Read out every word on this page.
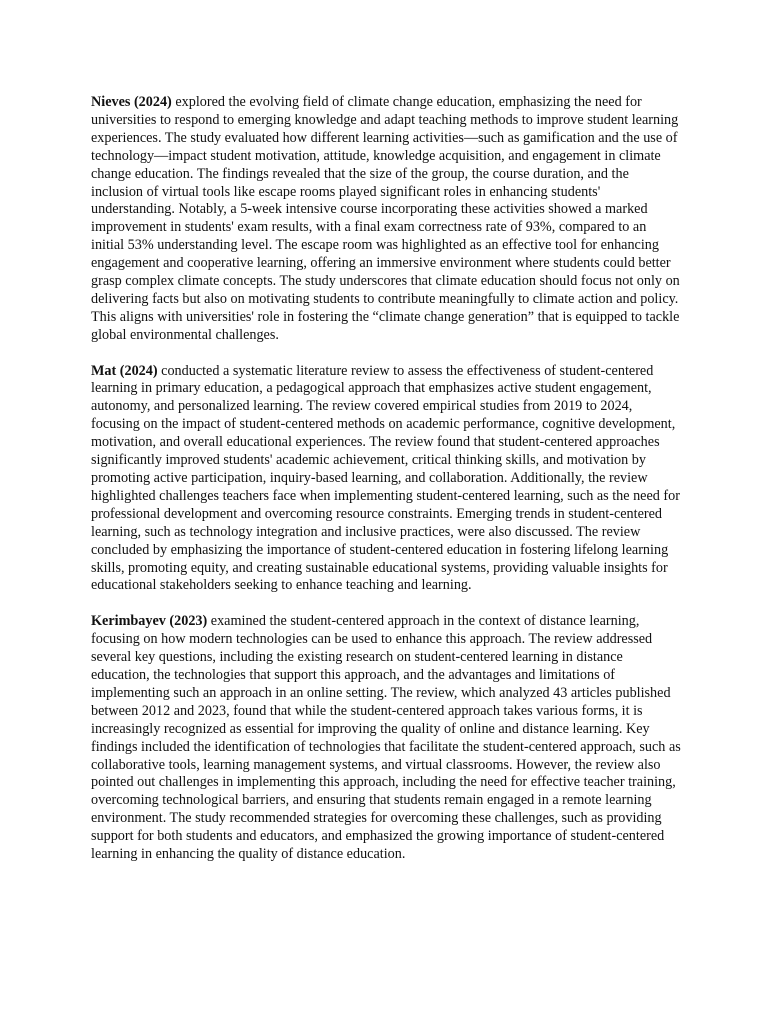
Nieves (2024) explored the evolving field of climate change education, emphasizing the need for universities to respond to emerging knowledge and adapt teaching methods to improve student learning experiences. The study evaluated how different learning activities—such as gamification and the use of technology—impact student motivation, attitude, knowledge acquisition, and engagement in climate change education. The findings revealed that the size of the group, the course duration, and the inclusion of virtual tools like escape rooms played significant roles in enhancing students' understanding. Notably, a 5-week intensive course incorporating these activities showed a marked improvement in students' exam results, with a final exam correctness rate of 93%, compared to an initial 53% understanding level. The escape room was highlighted as an effective tool for enhancing engagement and cooperative learning, offering an immersive environment where students could better grasp complex climate concepts. The study underscores that climate education should focus not only on delivering facts but also on motivating students to contribute meaningfully to climate action and policy. This aligns with universities' role in fostering the “climate change generation” that is equipped to tackle global environmental challenges.

Mat (2024) conducted a systematic literature review to assess the effectiveness of student-centered learning in primary education, a pedagogical approach that emphasizes active student engagement, autonomy, and personalized learning. The review covered empirical studies from 2019 to 2024, focusing on the impact of student-centered methods on academic performance, cognitive development, motivation, and overall educational experiences. The review found that student-centered approaches significantly improved students' academic achievement, critical thinking skills, and motivation by promoting active participation, inquiry-based learning, and collaboration. Additionally, the review highlighted challenges teachers face when implementing student-centered learning, such as the need for professional development and overcoming resource constraints. Emerging trends in student-centered learning, such as technology integration and inclusive practices, were also discussed. The review concluded by emphasizing the importance of student-centered education in fostering lifelong learning skills, promoting equity, and creating sustainable educational systems, providing valuable insights for educational stakeholders seeking to enhance teaching and learning.

Kerimbayev (2023) examined the student-centered approach in the context of distance learning, focusing on how modern technologies can be used to enhance this approach. The review addressed several key questions, including the existing research on student-centered learning in distance education, the technologies that support this approach, and the advantages and limitations of implementing such an approach in an online setting. The review, which analyzed 43 articles published between 2012 and 2023, found that while the student-centered approach takes various forms, it is increasingly recognized as essential for improving the quality of online and distance learning. Key findings included the identification of technologies that facilitate the student-centered approach, such as collaborative tools, learning management systems, and virtual classrooms. However, the review also pointed out challenges in implementing this approach, including the need for effective teacher training, overcoming technological barriers, and ensuring that students remain engaged in a remote learning environment. The study recommended strategies for overcoming these challenges, such as providing support for both students and educators, and emphasized the growing importance of student-centered learning in enhancing the quality of distance education.
